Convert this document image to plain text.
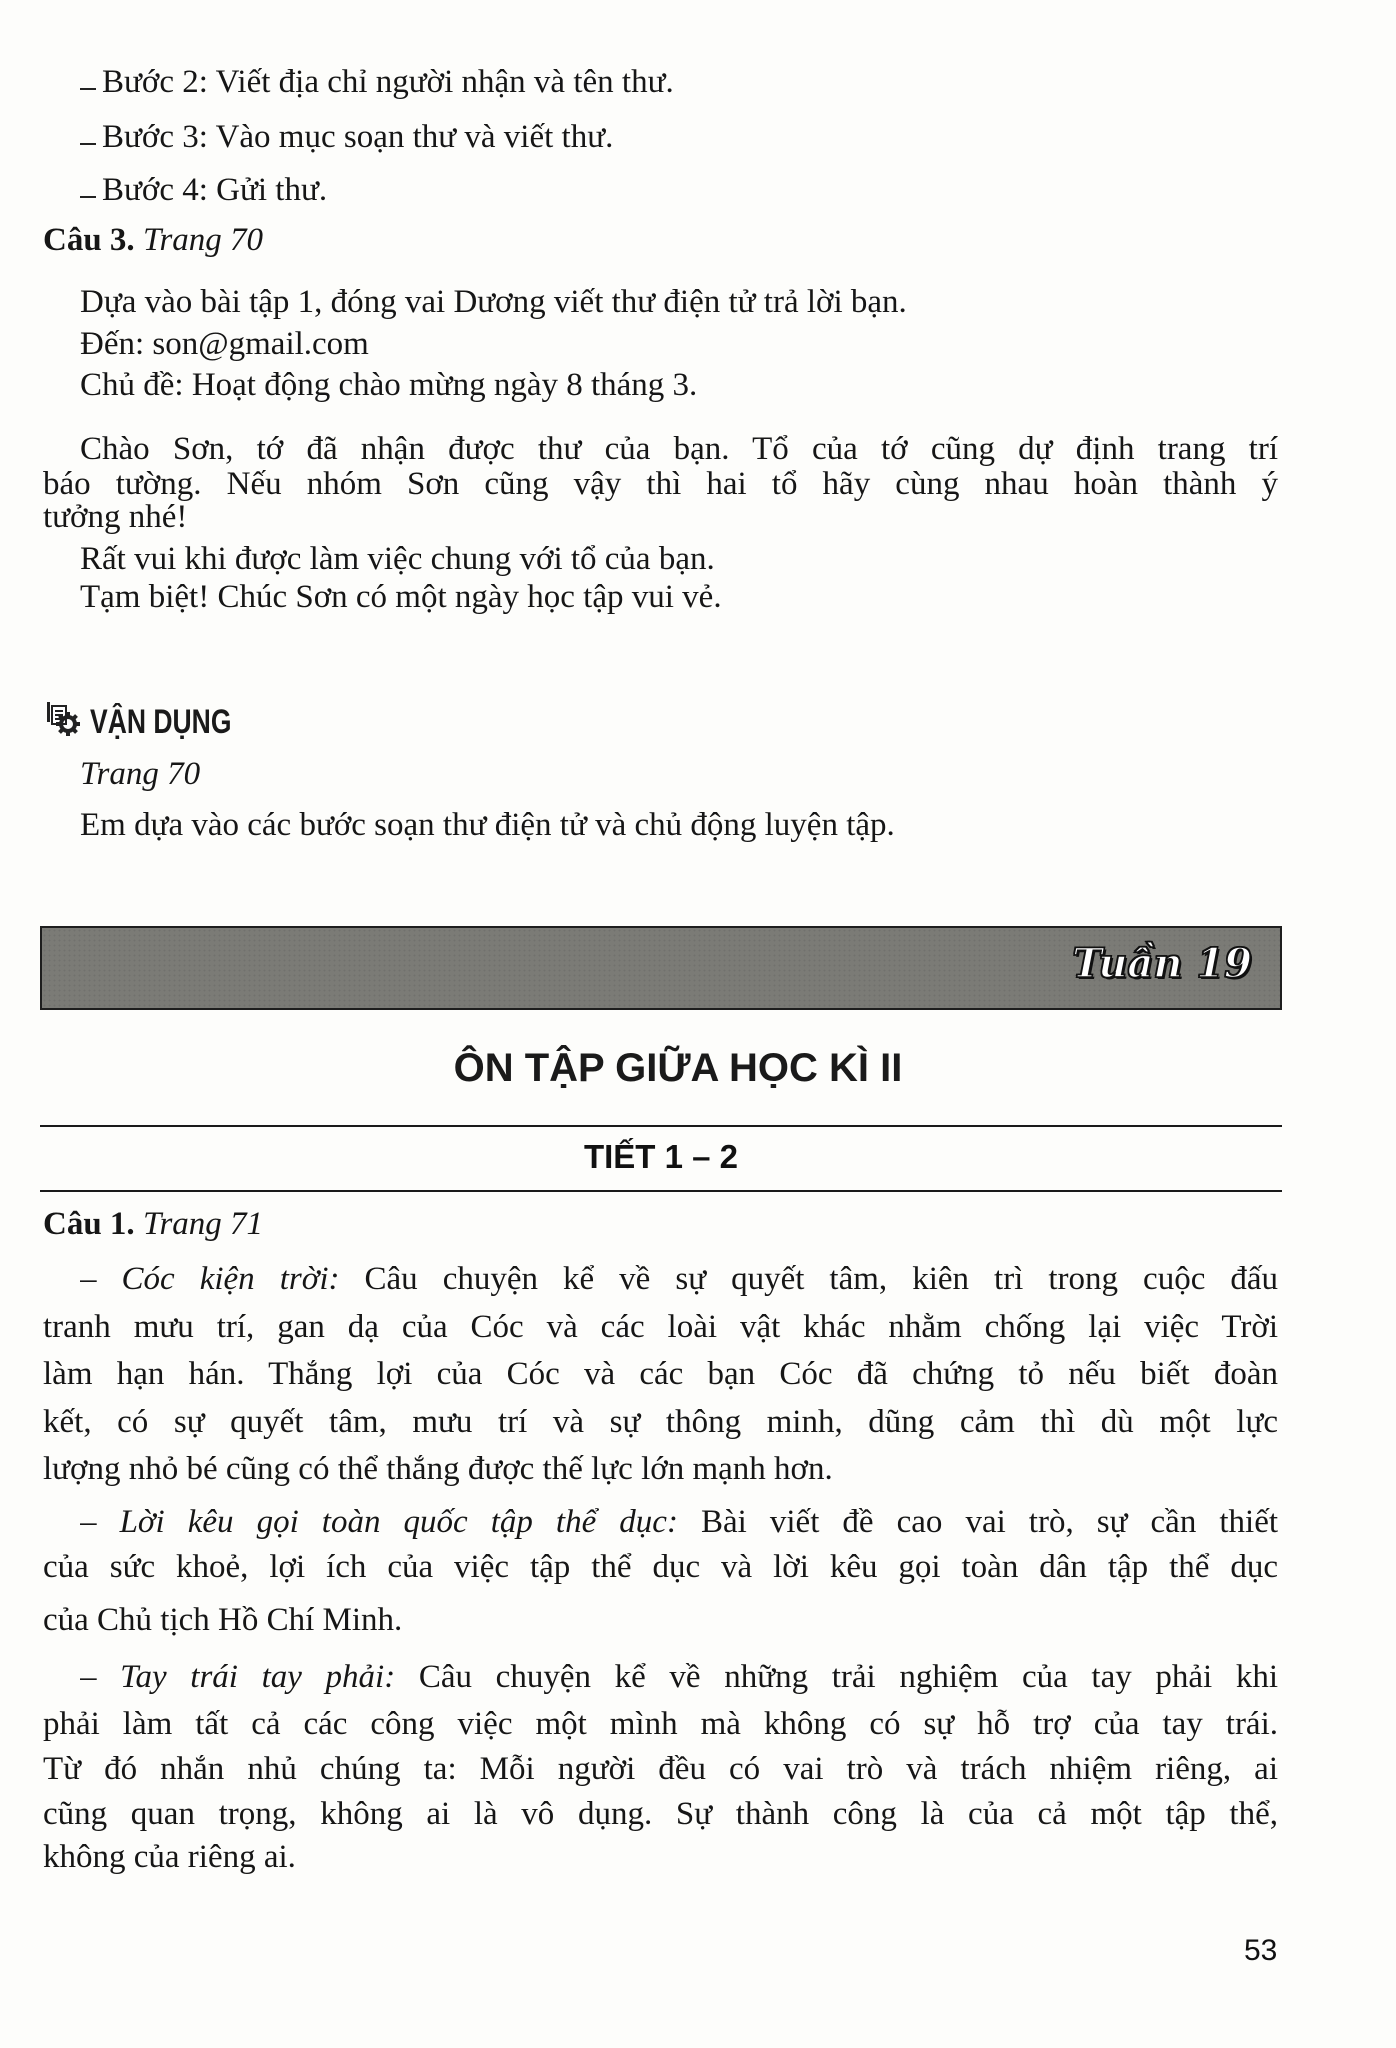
Bước 2: Viết địa chỉ người nhận và tên thư.
Bước 3: Vào mục soạn thư và viết thư.
Bước 4: Gửi thư.
Câu 3. Trang 70
Dựa vào bài tập 1, đóng vai Dương viết thư điện tử trả lời bạn.
Đến: son@gmail.com
Chủ đề: Hoạt động chào mừng ngày 8 tháng 3.
Chào Sơn, tớ đã nhận được thư của bạn. Tổ của tớ cũng dự định trang trí
báo tường. Nếu nhóm Sơn cũng vậy thì hai tổ hãy cùng nhau hoàn thành ý
tưởng nhé!
Rất vui khi được làm việc chung với tổ của bạn.
Tạm biệt! Chúc Sơn có một ngày học tập vui vẻ.
VẬN DỤNG
Trang 70
Em dựa vào các bước soạn thư điện tử và chủ động luyện tập.
Tuần 19
ÔN TẬP GIỮA HỌC KÌ II
TIẾT 1 – 2
Câu 1. Trang 71
– Cóc kiện trời: Câu chuyện kể về sự quyết tâm, kiên trì trong cuộc đấu
tranh mưu trí, gan dạ của Cóc và các loài vật khác nhằm chống lại việc Trời
làm hạn hán. Thắng lợi của Cóc và các bạn Cóc đã chứng tỏ nếu biết đoàn
kết, có sự quyết tâm, mưu trí và sự thông minh, dũng cảm thì dù một lực
lượng nhỏ bé cũng có thể thắng được thế lực lớn mạnh hơn.
– Lời kêu gọi toàn quốc tập thể dục: Bài viết đề cao vai trò, sự cần thiết
của sức khoẻ, lợi ích của việc tập thể dục và lời kêu gọi toàn dân tập thể dục
của Chủ tịch Hồ Chí Minh.
– Tay trái tay phải: Câu chuyện kể về những trải nghiệm của tay phải khi
phải làm tất cả các công việc một mình mà không có sự hỗ trợ của tay trái.
Từ đó nhắn nhủ chúng ta: Mỗi người đều có vai trò và trách nhiệm riêng, ai
cũng quan trọng, không ai là vô dụng. Sự thành công là của cả một tập thể,
không của riêng ai.
53
